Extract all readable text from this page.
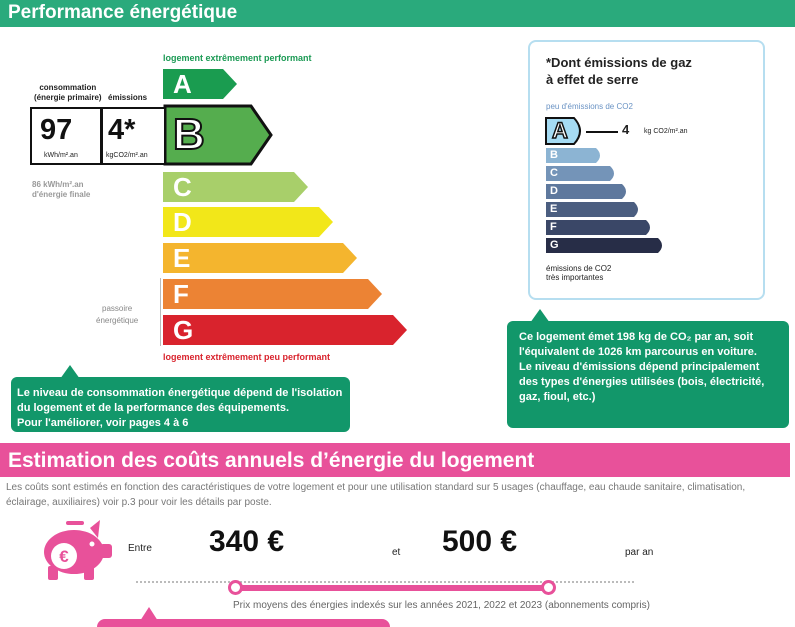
Performance énergétique
logement extrêmement performant
consommation
(énergie primaire) émissions A
C
D
E
F
G
B
97
kWh/m².an
4*
kgCO2/m².an
86 kWh/m².an
d'énergie finale
passoire
énergétique
logement extrêmement peu performant
Le niveau de consommation énergétique dépend de l'isolation du logement et de la performance des équipements.
Pour l'améliorer, voir pages 4 à 6
*Dont émissions de gaz
à effet de serre
peu d'émissions de CO2
A
B
C
D
E
F
G
4 kg CO2/m².an
émissions de CO2
très importantes
Ce logement émet 198 kg de CO₂ par an, soit l'équivalent de 1026 km parcourus en voiture.
Le niveau d'émissions dépend principalement des types d'énergies utilisées (bois, électricité, gaz, fioul, etc.)
Estimation des coûts annuels d’énergie du logement
Les coûts sont estimés en fonction des caractéristiques de votre logement et pour une utilisation standard sur 5 usages (chauffage, eau chaude sanitaire, climatisation, éclairage, auxiliaires) voir p.3 pour voir les détails par poste.
€	Entre 340 €	et 500 €	par an
Prix moyens des énergies indexés sur les années 2021, 2022 et 2023 (abonnements compris)
